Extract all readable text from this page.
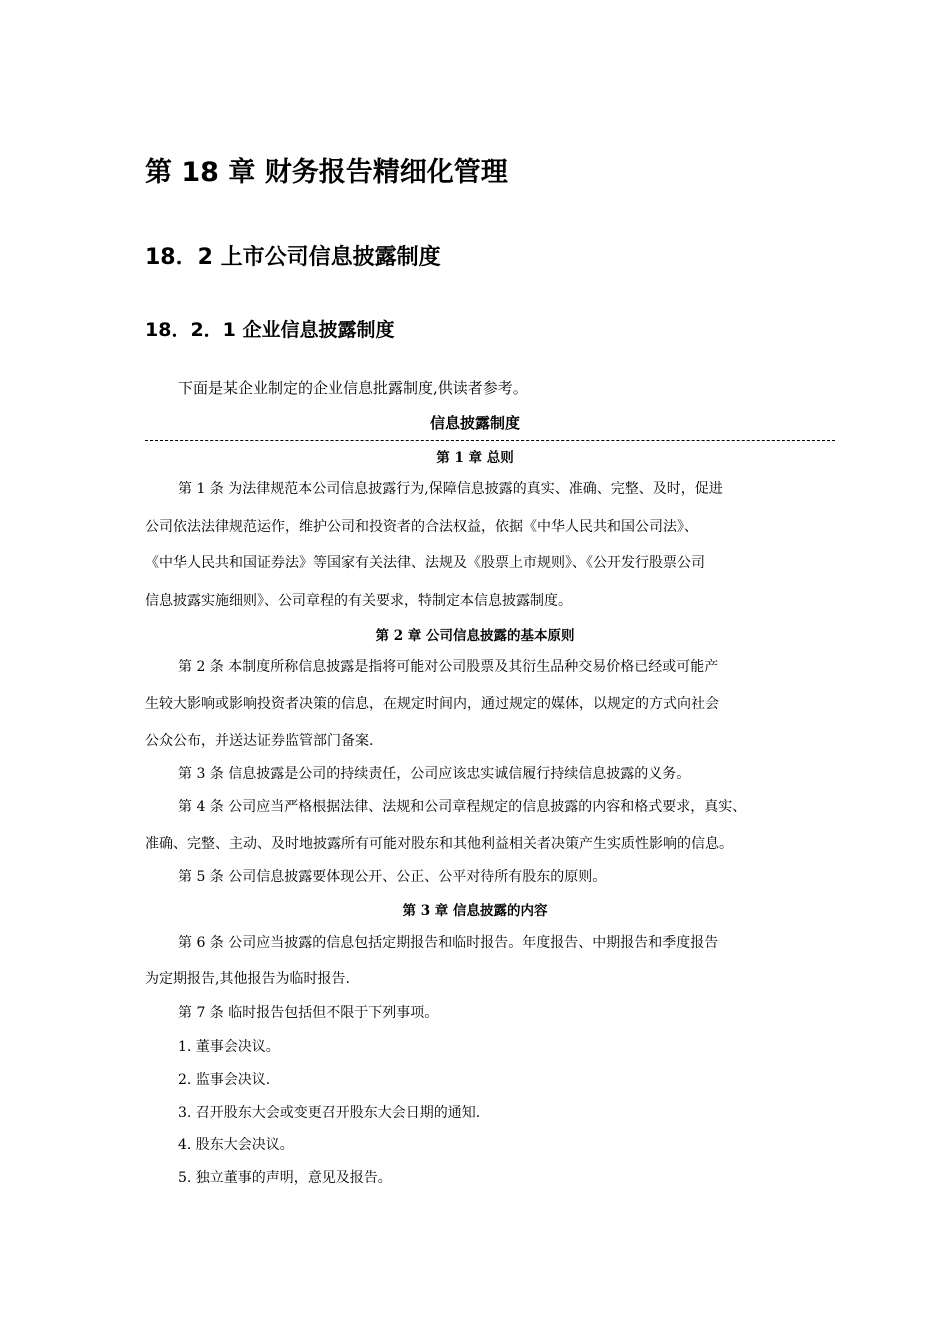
第 18 章 财务报告精细化管理
18．2 上市公司信息披露制度
18．2．1 企业信息披露制度
下面是某企业制定的企业信息批露制度,供读者参考。
信息披露制度
第 1 章 总则
第 1 条 为法律规范本公司信息披露行为,保障信息披露的真实、准确、完整、及时，促进
公司依法法律规范运作，维护公司和投资者的合法权益，依据《中华人民共和国公司法》、
《中华人民共和国证券法》等国家有关法律、法规及《股票上市规则》、《公开发行股票公司
信息披露实施细则》、公司章程的有关要求，特制定本信息披露制度。
第 2 章 公司信息披露的基本原则
第 2 条 本制度所称信息披露是指将可能对公司股票及其衍生品种交易价格已经或可能产
生较大影响或影响投资者决策的信息，在规定时间内，通过规定的媒体，以规定的方式向社会
公众公布，并送达证券监管部门备案.
第 3 条 信息披露是公司的持续责任，公司应该忠实诚信履行持续信息披露的义务。
第 4 条 公司应当严格根据法律、法规和公司章程规定的信息披露的内容和格式要求，真实、
准确、完整、主动、及时地披露所有可能对股东和其他利益相关者决策产生实质性影响的信息。
第 5 条 公司信息披露要体现公开、公正、公平对待所有股东的原则。
第 3 章 信息披露的内容
第 6 条 公司应当披露的信息包括定期报告和临时报告。年度报告、中期报告和季度报告
为定期报告,其他报告为临时报告.
第 7 条 临时报告包括但不限于下列事项。
1. 董事会决议。
2. 监事会决议.
3. 召开股东大会或变更召开股东大会日期的通知.
4. 股东大会决议。
5. 独立董事的声明，意见及报告。
